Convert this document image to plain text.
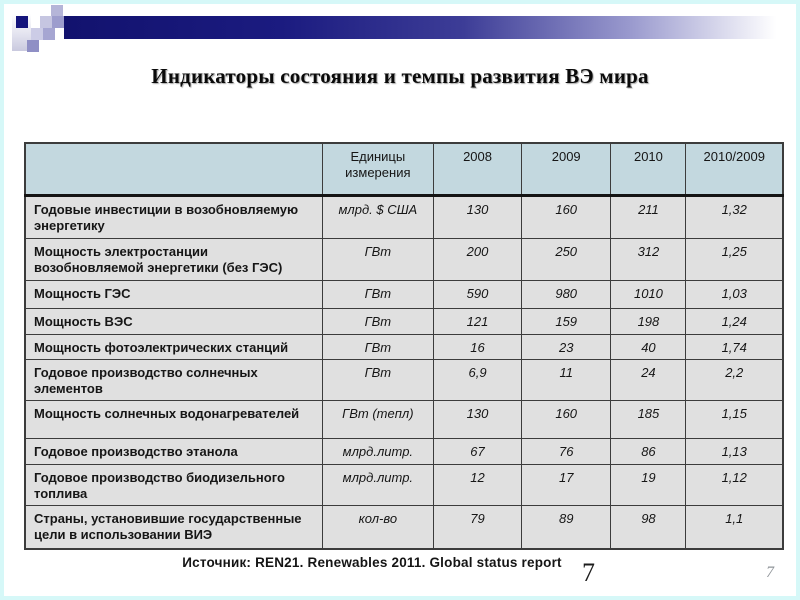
Индикаторы состояния и темпы развития ВЭ мира
	Единицы измерения	2008	2009	2010	2010/2009
Годовые инвестиции в возобновляемую энергетику	млрд. $ США	130	160	211	1,32
Мощность электростанции возобновляемой энергетики (без ГЭС)	ГВт	200	250	312	1,25
Мощность ГЭС	ГВт	590	980	1010	1,03
Мощность ВЭС	ГВт	121	159	198	1,24
Мощность фотоэлектрических станций	ГВт	16	23	40	1,74
Годовое производство солнечных элементов	ГВт	6,9	11	24	2,2
Мощность солнечных водонагревателей	ГВт (тепл)	130	160	185	1,15
Годовое производство этанола	млрд.литр.	67	76	86	1,13
Годовое производство биодизельного топлива	млрд.литр.	12	17	19	1,12
Страны, установившие государственные цели в использовании ВИЭ	кол-во	79	89	98	1,1
Источник: REN21. Renewables 2011. Global status report 7	7
